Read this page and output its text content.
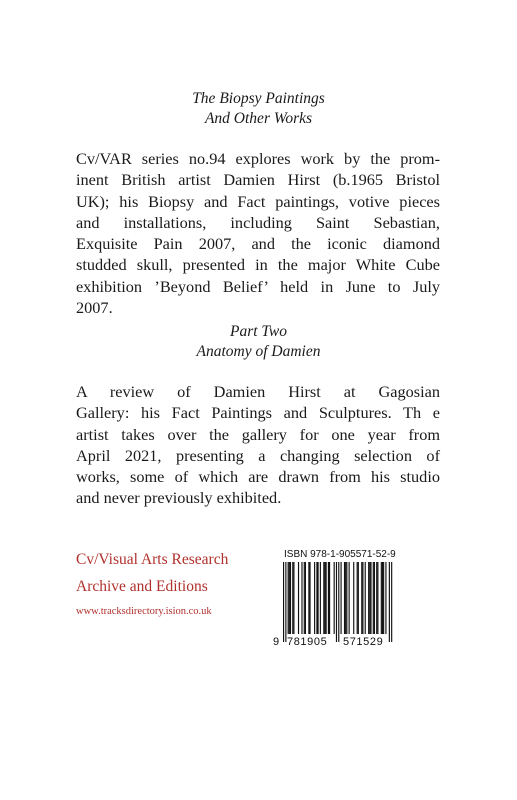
The Biopsy Paintings
And Other Works
Cv/VAR series no.94 explores work by the prom-
inent British artist Damien Hirst (b.1965 Bristol
UK); his Biopsy and Fact paintings, votive pieces
and installations, including Saint Sebastian,
Exquisite Pain 2007, and the iconic diamond
studded skull, presented in the major White Cube
exhibition ’Beyond Belief’ held in June to July
2007.
Part Two
Anatomy of Damien
A review of Damien Hirst at Gagosian
Gallery: his Fact Paintings and Sculptures. Th e
artist takes over the gallery for one year from
April 2021, presenting a changing selection of
works, some of which are drawn from his studio
and never previously exhibited.
Cv/Visual Arts Research
Archive and Editions
www.tracksdirectory.ision.co.uk
ISBN 978-1-905571-52-9
9 781905 571529
